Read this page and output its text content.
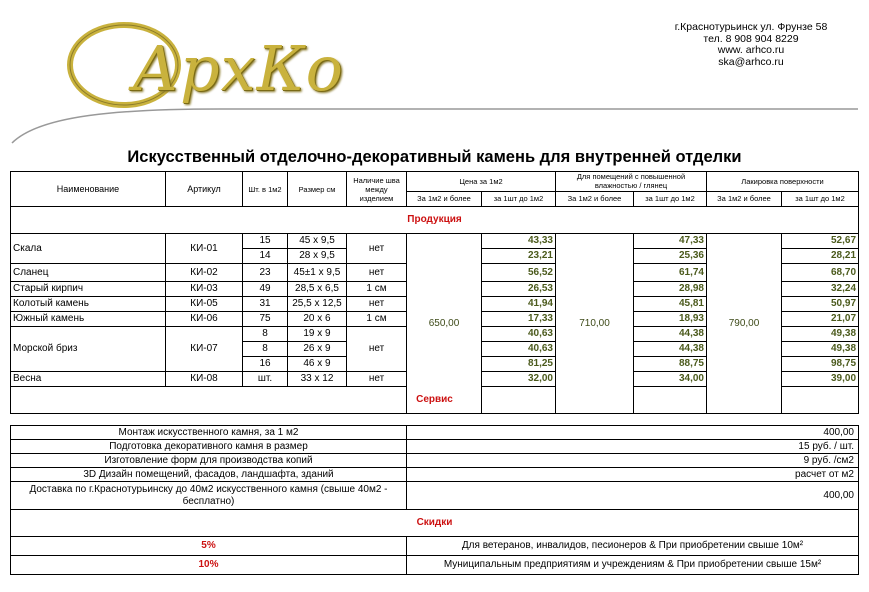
АрхКо
г.Краснотурьинск ул. Фрунзе 58
тел. 8 908 904 8229
www. arhco.ru
ska@arhco.ru
Искусственный отделочно-декоративный камень для внутренней отделки
Наименование	Артикул	Шт. в 1м2	Размер см	Наличие шва между изделием	Цена за 1м2		Для помещений с повышенной влажностью / глянец		Лакировка поверхности	
					За 1м2 и более	за 1шт до 1м2	За 1м2 и более	за 1шт до 1м2	За 1м2 и более	за 1шт до 1м2
Продукция										
Скала	КИ-01	15	45 х 9,5	нет	650,00	43,33	710,00	47,33	790,00	52,67
		14	28 х 9,5			23,21		25,36		28,21
Сланец	КИ-02	23	45±1 х 9,5	нет		56,52		61,74		68,70
Старый кирпич	КИ-03	49	28,5 х 6,5	1 см		26,53		28,98		32,24
Колотый камень	КИ-05	31	25,5 х 12,5	нет		41,94		45,81		50,97
Южный камень	КИ-06	75	20 х 6	1 см		17,33		18,93		21,07
Морской бриз	КИ-07	8	19 х 9	нет		40,63		44,38		49,38
		8	26 х 9			40,63		44,38		49,38
		16	46 х 9			81,25		88,75		98,75
Весна	КИ-08	шт.	33 х 12	нет		32,00		34,00		39,00
Сервис										
Монтаж искусственного камня, за 1 м2	400,00
Подготовка декоративного камня в размер	15 руб. / шт.
Изготовление форм для производства копий	9 руб. /см2
3D Дизайн помещений, фасадов, ландшафта, зданий	расчет от м2
Доставка по г.Краснотурьинску до 40м2 искусственного камня (свыше 40м2 - бесплатно)	400,00
Скидки	
5%	Для ветеранов, инвалидов, песионеров & При приобретении свыше 10м²
10%	Муниципальным предприятиям и учреждениям & При приобретении свыше 15м²
